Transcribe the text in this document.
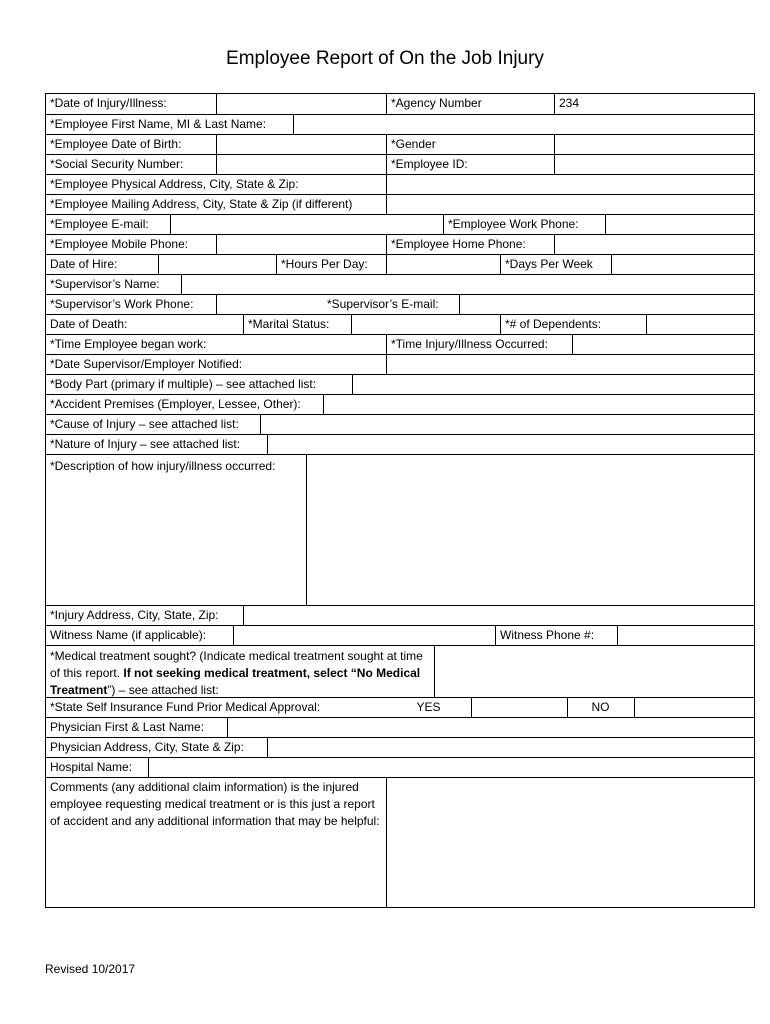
Employee Report of On the Job Injury
*Date of Injury/Illness:	*Agency Number	234
*Employee First Name, MI & Last Name:
*Employee Date of Birth:	*Gender
*Social Security Number:	*Employee ID:
*Employee Physical Address, City, State & Zip:
*Employee Mailing Address, City, State & Zip (if different)
*Employee E-mail:	*Employee Work Phone:
*Employee Mobile Phone:	*Employee Home Phone:
Date of Hire:	*Hours Per Day:	*Days Per Week
*Supervisor’s Name:
*Supervisor’s Work Phone:	*Supervisor’s E-mail:
Date of Death:	*Marital Status:	*# of Dependents:
*Time Employee began work:	*Time Injury/Illness Occurred:
*Date Supervisor/Employer Notified:
*Body Part (primary if multiple) – see attached list:
*Accident Premises (Employer, Lessee, Other):
*Cause of Injury – see attached list:
*Nature of Injury – see attached list:
*Description of how injury/illness occurred:
*Injury Address, City, State, Zip:
Witness Name (if applicable):	Witness Phone #:
*Medical treatment sought? (Indicate medical treatment sought at time of this report. If not seeking medical treatment, select “No Medical Treatment”) – see attached list:
*State Self Insurance Fund Prior Medical Approval:	YES	NO
Physician First & Last Name:
Physician Address, City, State & Zip:
Hospital Name:
Comments (any additional claim information) is the injured employee requesting medical treatment or is this just a report of accident and any additional information that may be helpful:
Revised 10/2017
